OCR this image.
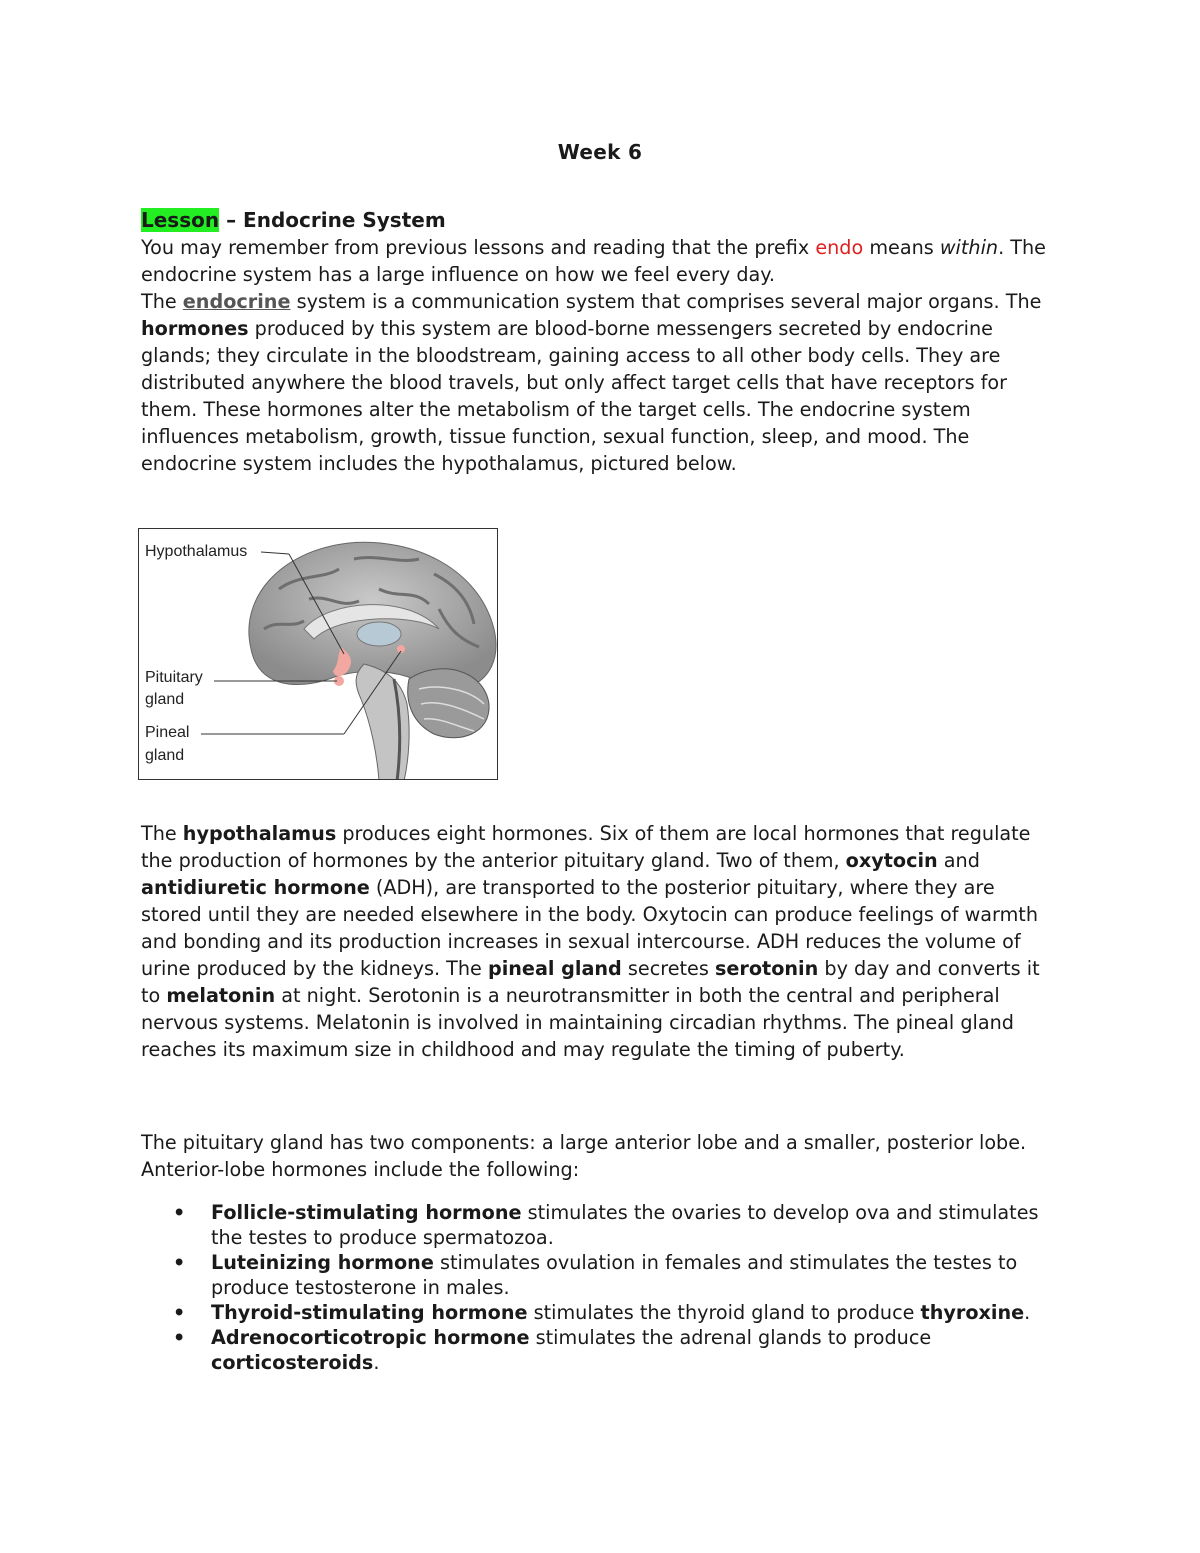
Week 6
Lesson – Endocrine System
You may remember from previous lessons and reading that the prefix endo means within. The endocrine system has a large influence on how we feel every day.
The endocrine system is a communication system that comprises several major organs. The hormones produced by this system are blood-borne messengers secreted by endocrine glands; they circulate in the bloodstream, gaining access to all other body cells. They are distributed anywhere the blood travels, but only affect target cells that have receptors for them. These hormones alter the metabolism of the target cells. The endocrine system influences metabolism, growth, tissue function, sexual function, sleep, and mood. The endocrine system includes the hypothalamus, pictured below.
Hypothalamus
Pituitary
gland
Pineal
gland
The hypothalamus produces eight hormones. Six of them are local hormones that regulate the production of hormones by the anterior pituitary gland. Two of them, oxytocin and antidiuretic hormone (ADH), are transported to the posterior pituitary, where they are stored until they are needed elsewhere in the body. Oxytocin can produce feelings of warmth and bonding and its production increases in sexual intercourse. ADH reduces the volume of urine produced by the kidneys. The pineal gland secretes serotonin by day and converts it to melatonin at night. Serotonin is a neurotransmitter in both the central and peripheral nervous systems. Melatonin is involved in maintaining circadian rhythms. The pineal gland reaches its maximum size in childhood and may regulate the timing of puberty.
The pituitary gland has two components: a large anterior lobe and a smaller, posterior lobe. Anterior-lobe hormones include the following:
• Follicle-stimulating hormone stimulates the ovaries to develop ova and stimulates the testes to produce spermatozoa.
• Luteinizing hormone stimulates ovulation in females and stimulates the testes to produce testosterone in males.
• Thyroid-stimulating hormone stimulates the thyroid gland to produce thyroxine.
• Adrenocorticotropic hormone stimulates the adrenal glands to produce corticosteroids.
